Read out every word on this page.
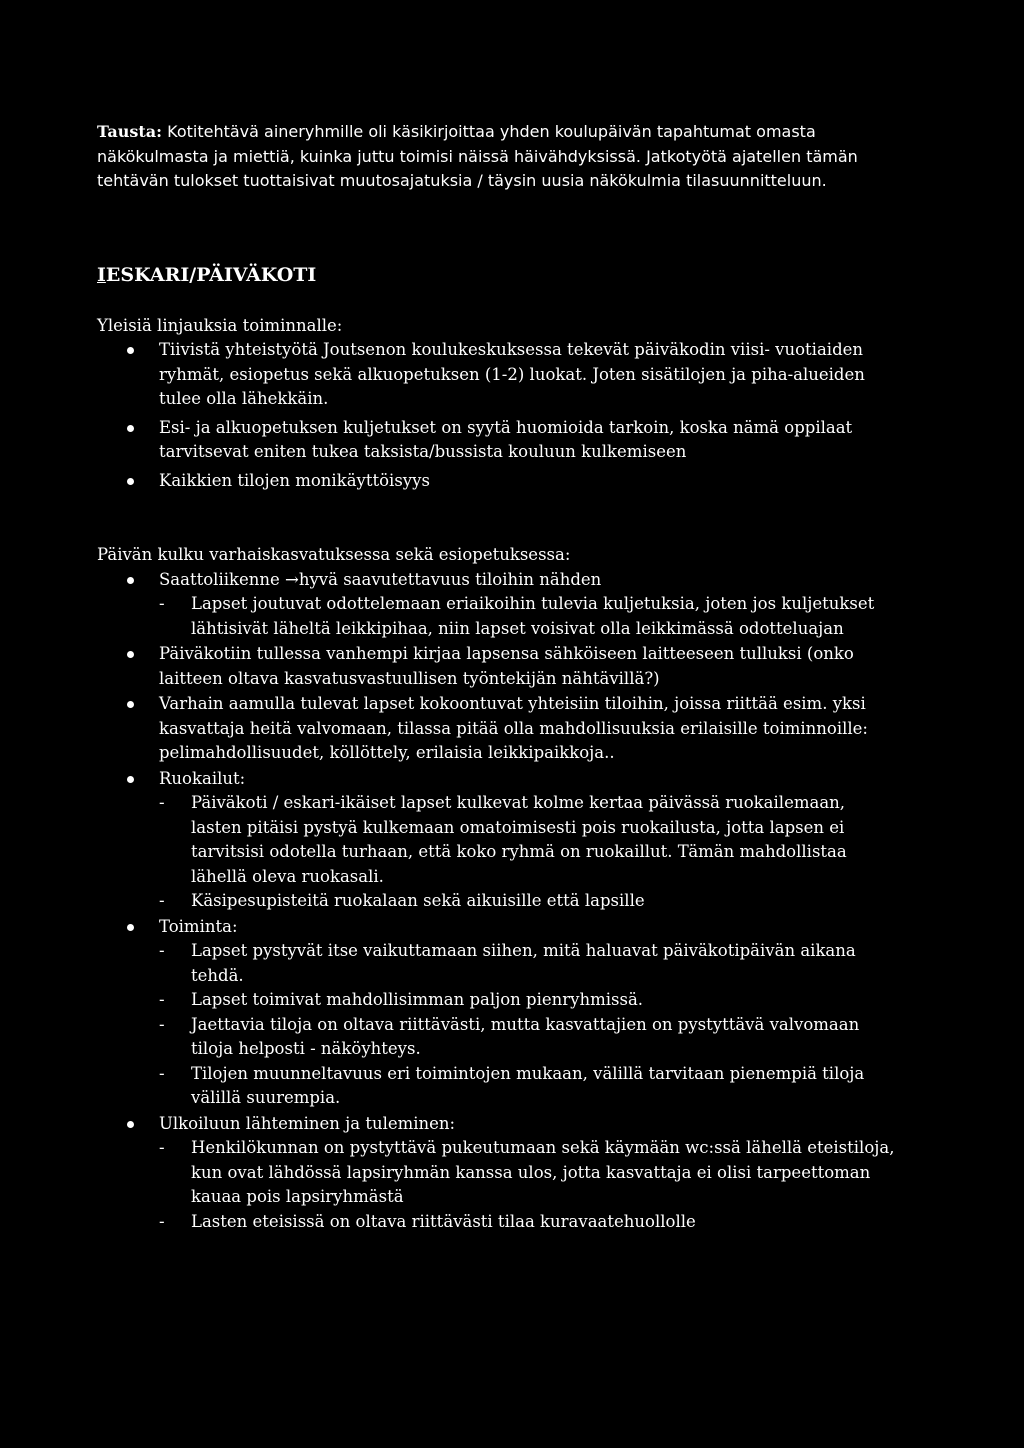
Tausta: Kotitehtävä aineryhmille oli käsikirjoittaa yhden koulupäivän tapahtumat omasta näkökulmasta ja miettiä, kuinka juttu toimisi näissä häivähdyksissä. Jatkotyötä ajatellen tämän tehtävän tulokset tuottaisivat muutosajatuksia / täysin uusia näkökulmia tilasuunnitteluun.

IESKARI/PÄIVÄKOTI

Yleisiä linjauksia toiminnalle:

Tiivistä yhteistyötä Joutsenon koulukeskuksessa tekevät päiväkodin viisi- vuotiaiden ryhmät, esiopetus sekä alkuopetuksen (1-2) luokat. Joten sisätilojen ja piha-alueiden tulee olla lähekkäin.
Esi- ja alkuopetuksen kuljetukset on syytä huomioida tarkoin, koska nämä oppilaat tarvitsevat eniten tukea taksista/bussista kouluun kulkemiseen
Kaikkien tilojen monikäyttöisyys

Päivän kulku varhaiskasvatuksessa sekä esiopetuksessa:

Saattoliikenne →hyvä saavutettavuus tiloihin nähden
- Lapset joutuvat odottelemaan eriaikoihin tulevia kuljetuksia, joten jos kuljetukset lähtisivät läheltä leikkipihaa, niin lapset voisivat olla leikkimässä odotteluajan
Päiväkotiin tullessa vanhempi kirjaa lapsensa sähköiseen laitteeseen tulluksi (onko laitteen oltava kasvatusvastuullisen työntekijän nähtävillä?)
Varhain aamulla tulevat lapset kokoontuvat yhteisiin tiloihin, joissa riittää esim. yksi kasvattaja heitä valvomaan, tilassa pitää olla mahdollisuuksia erilaisille toiminnoille: pelimahdollisuudet, köllöttely, erilaisia leikkipaikkoja..
Ruokailut:
- Päiväkoti / eskari-ikäiset lapset kulkevat kolme kertaa päivässä ruokailemaan, lasten pitäisi pystyä kulkemaan omatoimisesti pois ruokailusta, jotta lapsen ei tarvitsisi odotella turhaan, että koko ryhmä on ruokaillut. Tämän mahdollistaa lähellä oleva ruokasali.
- Käsipesupisteitä ruokalaan sekä aikuisille että lapsille
Toiminta:
- Lapset pystyvät itse vaikuttamaan siihen, mitä haluavat päiväkotipäivän aikana tehdä.
- Lapset toimivat mahdollisimman paljon pienryhmissä.
- Jaettavia tiloja on oltava riittävästi, mutta kasvattajien on pystyttävä valvomaan tiloja helposti - näköyhteys.
- Tilojen muunneltavuus eri toimintojen mukaan, välillä tarvitaan pienempiä tiloja välillä suurempia.
Ulkoiluun lähteminen ja tuleminen:
- Henkilökunnan on pystyttävä pukeutumaan sekä käymään wc:ssä lähellä eteistiloja, kun ovat lähdössä lapsiryhmän kanssa ulos, jotta kasvattaja ei olisi tarpeettoman kauaa pois lapsiryhmästä
- Lasten eteisissä on oltava riittävästi tilaa kuravaatehuollolle
